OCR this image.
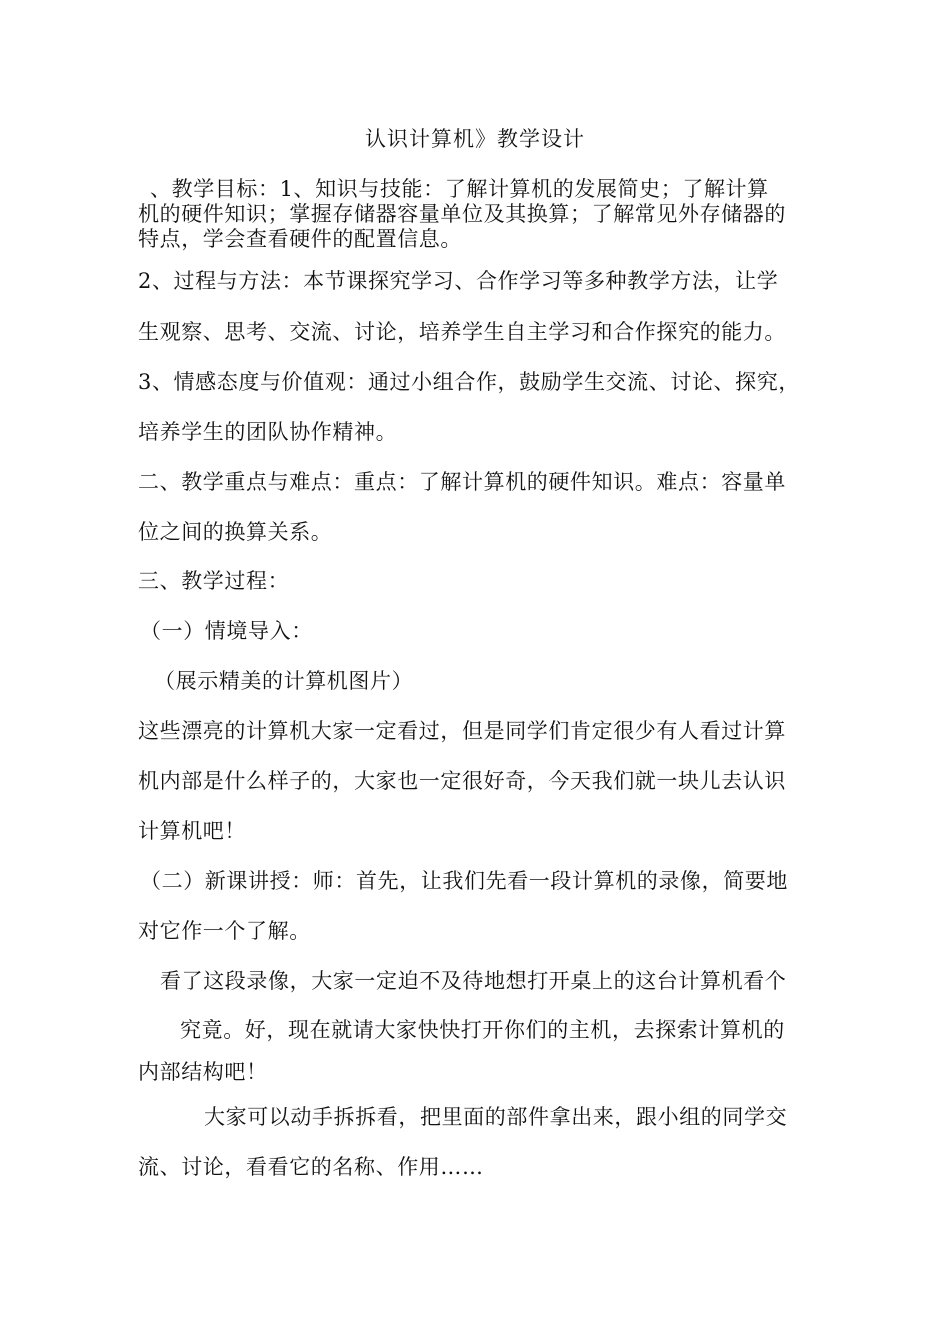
认识计算机》教学设计
、教学目标：1、知识与技能：了解计算机的发展简史；了解计算
机的硬件知识；掌握存储器容量单位及其换算；了解常见外存储器的
特点，学会查看硬件的配置信息。
2、过程与方法：本节课探究学习、合作学习等多种教学方法，让学
生观察、思考、交流、讨论，培养学生自主学习和合作探究的能力。
3、情感态度与价值观：通过小组合作，鼓励学生交流、讨论、探究，
培养学生的团队协作精神。
二、教学重点与难点：重点：了解计算机的硬件知识。难点：容量单
位之间的换算关系。
三、教学过程：
（一）情境导入：
（展示精美的计算机图片）
这些漂亮的计算机大家一定看过，但是同学们肯定很少有人看过计算
机内部是什么样子的，大家也一定很好奇，今天我们就一块儿去认识
计算机吧！
（二）新课讲授：师：首先，让我们先看一段计算机的录像，简要地
对它作一个了解。
看了这段录像，大家一定迫不及待地想打开桌上的这台计算机看个
究竟。好，现在就请大家快快打开你们的主机，去探索计算机的
内部结构吧！
大家可以动手拆拆看，把里面的部件拿出来，跟小组的同学交
流、讨论，看看它的名称、作用……
